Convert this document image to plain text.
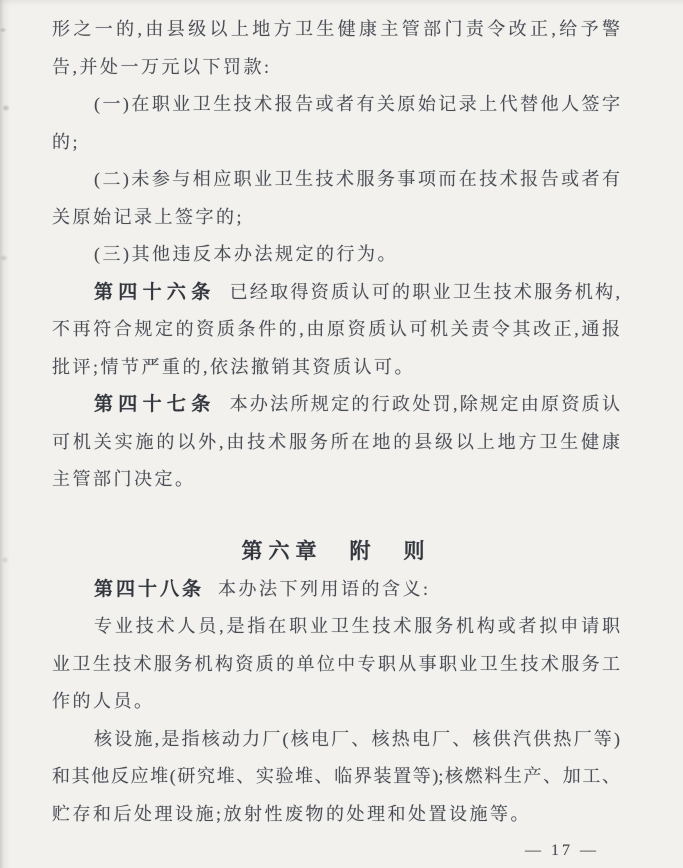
形之一的,由县级以上地方卫生健康主管部门责令改正,给予警
告,并处一万元以下罚款:
(一)在职业卫生技术报告或者有关原始记录上代替他人签字
的;
(二)未参与相应职业卫生技术服务事项而在技术报告或者有
关原始记录上签字的;
(三)其他违反本办法规定的行为。
第四十六条 已经取得资质认可的职业卫生技术服务机构,
不再符合规定的资质条件的,由原资质认可机关责令其改正,通报
批评;情节严重的,依法撤销其资质认可。
第四十七条 本办法所规定的行政处罚,除规定由原资质认
可机关实施的以外,由技术服务所在地的县级以上地方卫生健康
主管部门决定。
第六章　附　则
第四十八条 本办法下列用语的含义:
专业技术人员,是指在职业卫生技术服务机构或者拟申请职
业卫生技术服务机构资质的单位中专职从事职业卫生技术服务工
作的人员。
核设施,是指核动力厂(核电厂、核热电厂、核供汽供热厂等)
和其他反应堆(研究堆、实验堆、临界装置等);核燃料生产、加工、
贮存和后处理设施;放射性废物的处理和处置设施等。
— 17 —
